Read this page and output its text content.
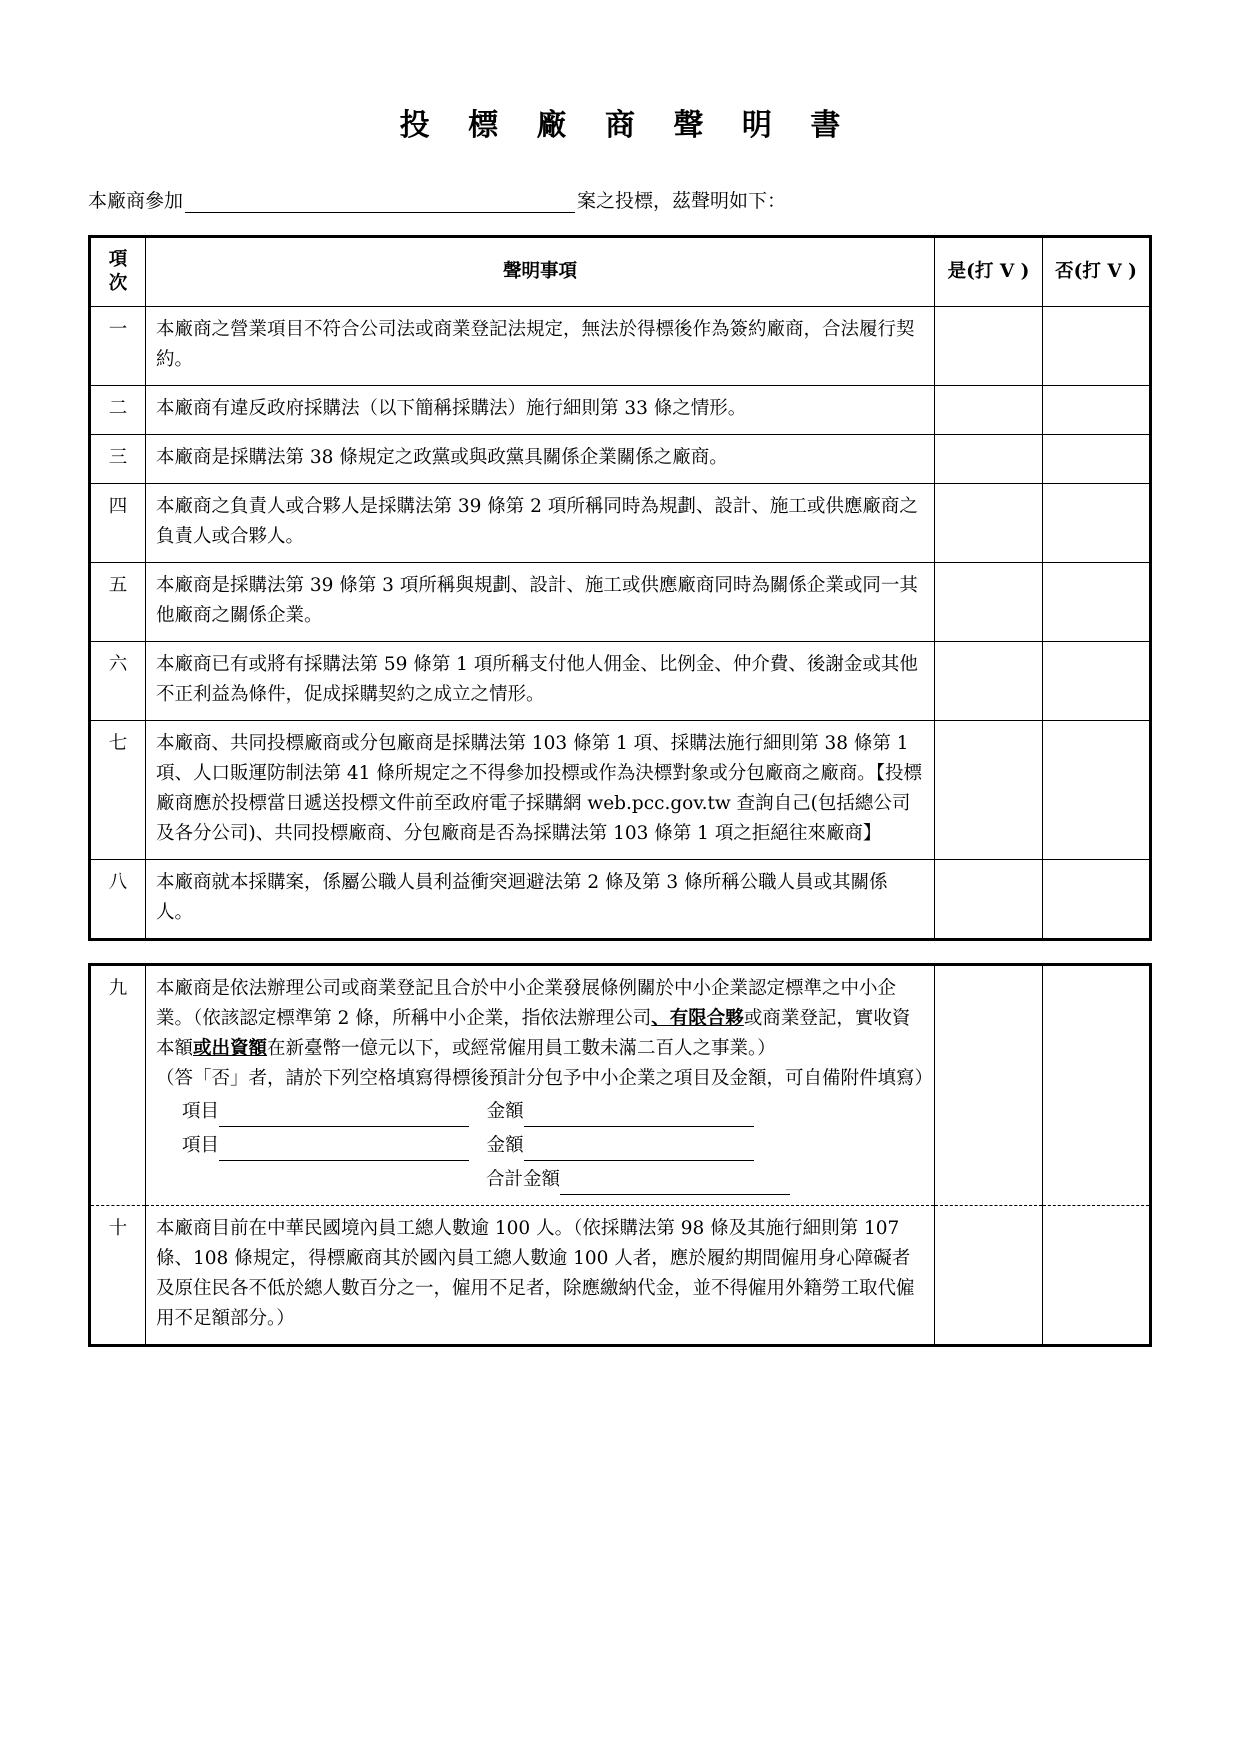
投 標 廠 商 聲 明 書
本廠商參加	案之投標，茲聲明如下：
項
次	聲明事項	是(打 V )	否(打 V )
一	本廠商之營業項目不符合公司法或商業登記法規定，無法於得標後作為簽約廠商，合法履行契約。		
二	本廠商有違反政府採購法（以下簡稱採購法）施行細則第 33 條之情形。		
三	本廠商是採購法第 38 條規定之政黨或與政黨具關係企業關係之廠商。		
四	本廠商之負責人或合夥人是採購法第 39 條第 2 項所稱同時為規劃、設計、施工或供應廠商之負責人或合夥人。		
五	本廠商是採購法第 39 條第 3 項所稱與規劃、設計、施工或供應廠商同時為關係企業或同一其他廠商之關係企業。		
六	本廠商已有或將有採購法第 59 條第 1 項所稱支付他人佣金、比例金、仲介費、後謝金或其他不正利益為條件，促成採購契約之成立之情形。		
七	本廠商、共同投標廠商或分包廠商是採購法第 103 條第 1 項、採購法施行細則第 38 條第 1 項、人口販運防制法第 41 條所規定之不得參加投標或作為決標對象或分包廠商之廠商。【投標廠商應於投標當日遞送投標文件前至政府電子採購網 web.pcc.gov.tw 查詢自己(包括總公司及各分公司)、共同投標廠商、分包廠商是否為採購法第 103 條第 1 項之拒絕往來廠商】		
八	本廠商就本採購案，係屬公職人員利益衝突迴避法第 2 條及第 3 條所稱公職人員或其關係人。		
九	本廠商是依法辦理公司或商業登記且合於中小企業發展條例關於中小企業認定標準之中小企業。（依該認定標準第 2 條，所稱中小企業，指依法辦理公司、有限合夥或商業登記，實收資本額或出資額在新臺幣一億元以下，或經常僱用員工數未滿二百人之事業。）

（答「否」者，請於下列空格填寫得標後預計分包予中小企業之項目及金額，可自備附件填寫）

項目 金額
項目 金額
合計金額		

十	本廠商目前在中華民國境內員工總人數逾 100 人。（依採購法第 98 條及其施行細則第 107 條、108 條規定，得標廠商其於國內員工總人數逾 100 人者，應於履約期間僱用身心障礙者及原住民各不低於總人數百分之一，僱用不足者，除應繳納代金，並不得僱用外籍勞工取代僱用不足額部分。）		
